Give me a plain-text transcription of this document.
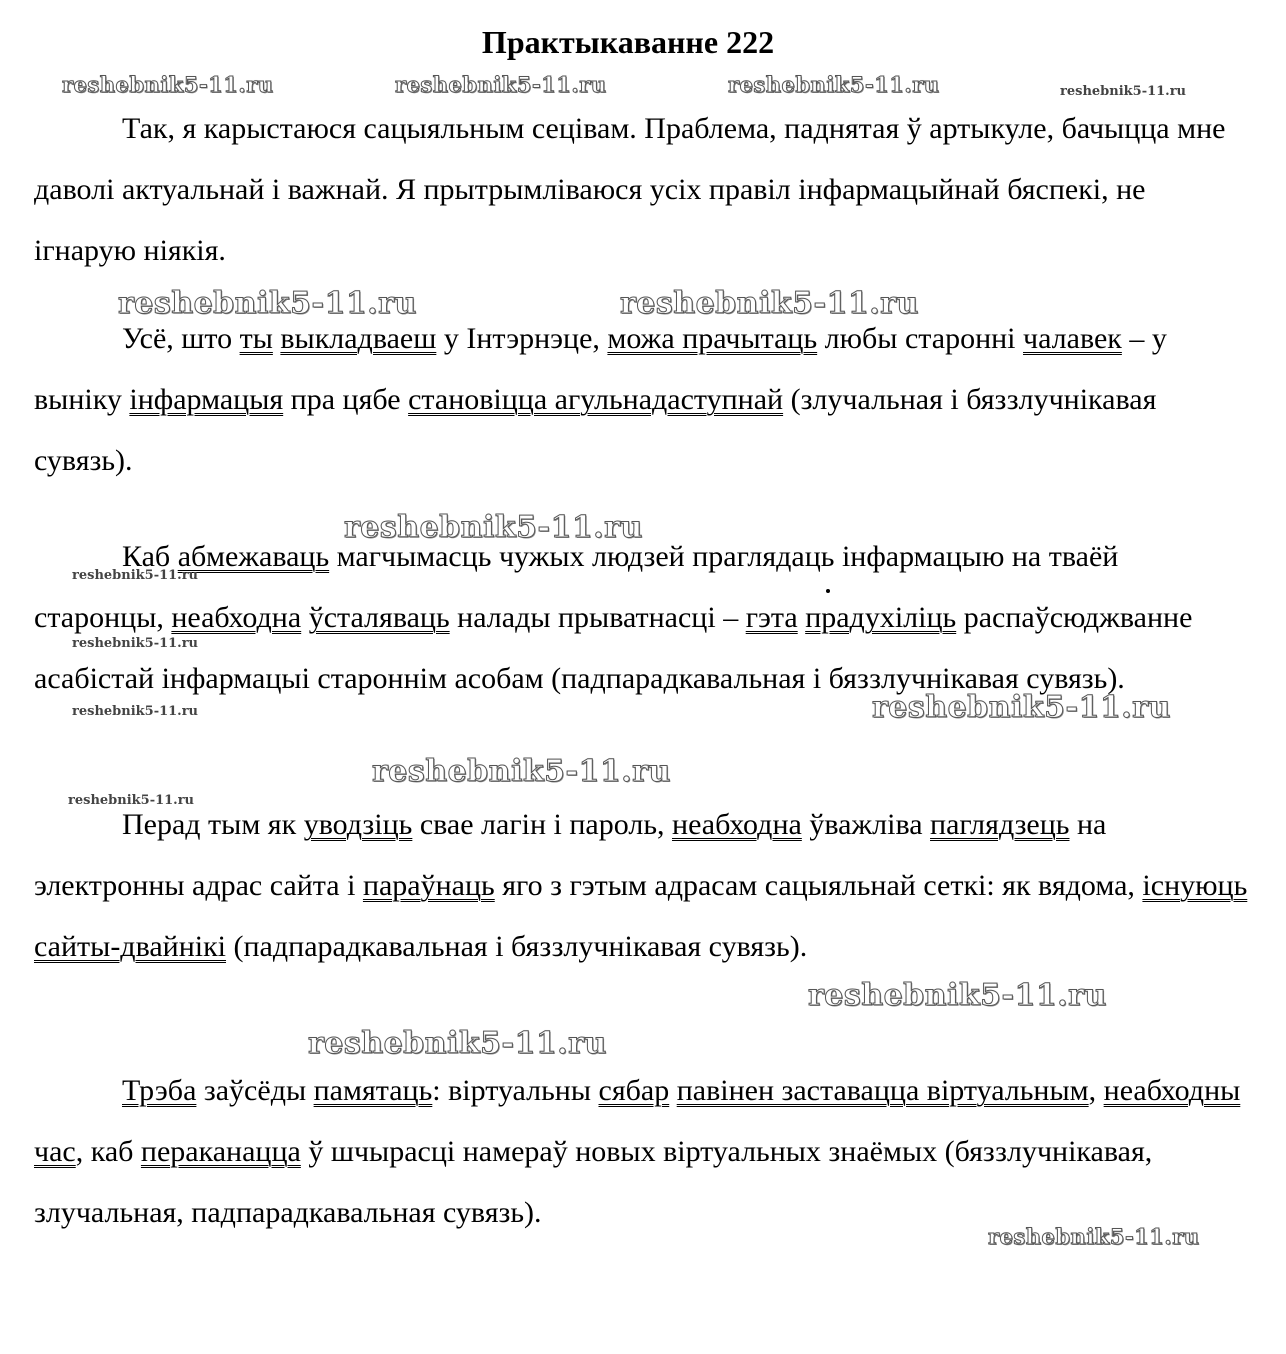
Практыкаванне 222

Так, я карыстаюся сацыяльным сецівам. Праблема, паднятая ў артыкуле, бачыцца мне даволі актуальнай і важнай. Я прытрымліваюся усіх правіл інфармацыйнай бяспекі, не ігнарую ніякія.

Усё, што ты выкладваеш у Інтэрнэце, можа прачытаць любы староннi чалавек – у выніку інфармацыя пра цябе становіцца агульнадаступнай (злучальная і бяззлучнікавая сувязь).

Каб абмежаваць магчымасць чужых людзей праглядаць інфармацыю на тваёй старонцы, неабходна ўсталяваць налады прыватнасці – гэта прадухіліць распаўсюджванне асабістай інфармацыі староннім асобам (падпарадкавальная і бяззлучнікавая сувязь).

Перад тым як уводзіць свае лагін і пароль, неабходна ўважліва паглядзець на электронны адрас сайта і параўнаць яго з гэтым адрасам сацыяльнай сеткі: як вядома, існуюць сайты-двайнікі (падпарадкавальная і бяззлучнікавая сувязь).

Трэба заўсёды памятаць: віртуальны сябар павінен заставацца віртуальным, неабходны час, каб пераканацца ў шчырасці намераў новых віртуальных знаёмых (бяззлучнікавая, злучальная, падпарадкавальная сувязь).

reshebnik5-11.ru	reshebnik5-11.ru	reshebnik5-11.ru	reshebnik5-11.ru
reshebnik5-11.ru	reshebnik5-11.ru
reshebnik5-11.ru
reshebnik5-11.ru
reshebnik5-11.ru
reshebnik5-11.ru	reshebnik5-11.ru
reshebnik5-11.ru
reshebnik5-11.ru
reshebnik5-11.ru
reshebnik5-11.ru
reshebnik5-11.ru
